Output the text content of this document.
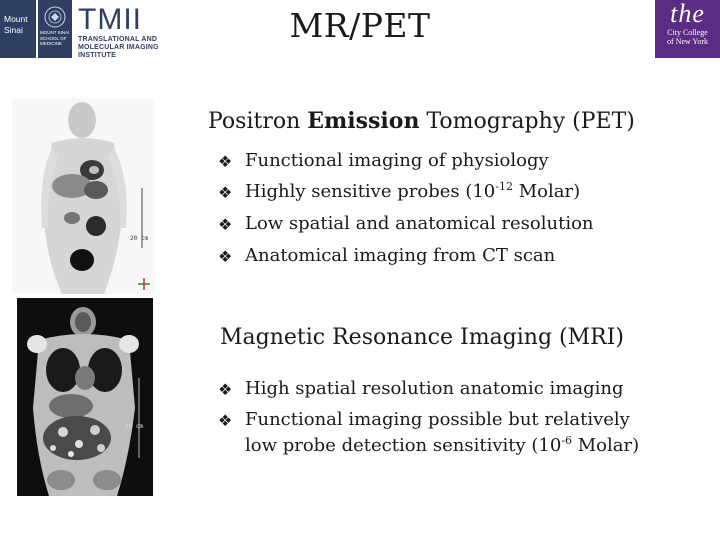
Mount Sinai	MOUNT SINAI
SCHOOL OF
MEDICINE
TMII
TRANSLATIONAL AND
MOLECULAR IMAGING
INSTITUTE
the
City College
of New York
MR/PET
20 cm
20 cm
Positron Emission Tomography (PET)
❖ Functional imaging of physiology
❖ Highly sensitive probes ($10^{-12}$ Molar)
❖ Low spatial and anatomical resolution
❖ Anatomical imaging from CT scan
Magnetic Resonance Imaging (MRI)
❖ High spatial resolution anatomic imaging
❖ Functional imaging possible but relatively
low probe detection sensitivity ($10^{-6}$ Molar)
